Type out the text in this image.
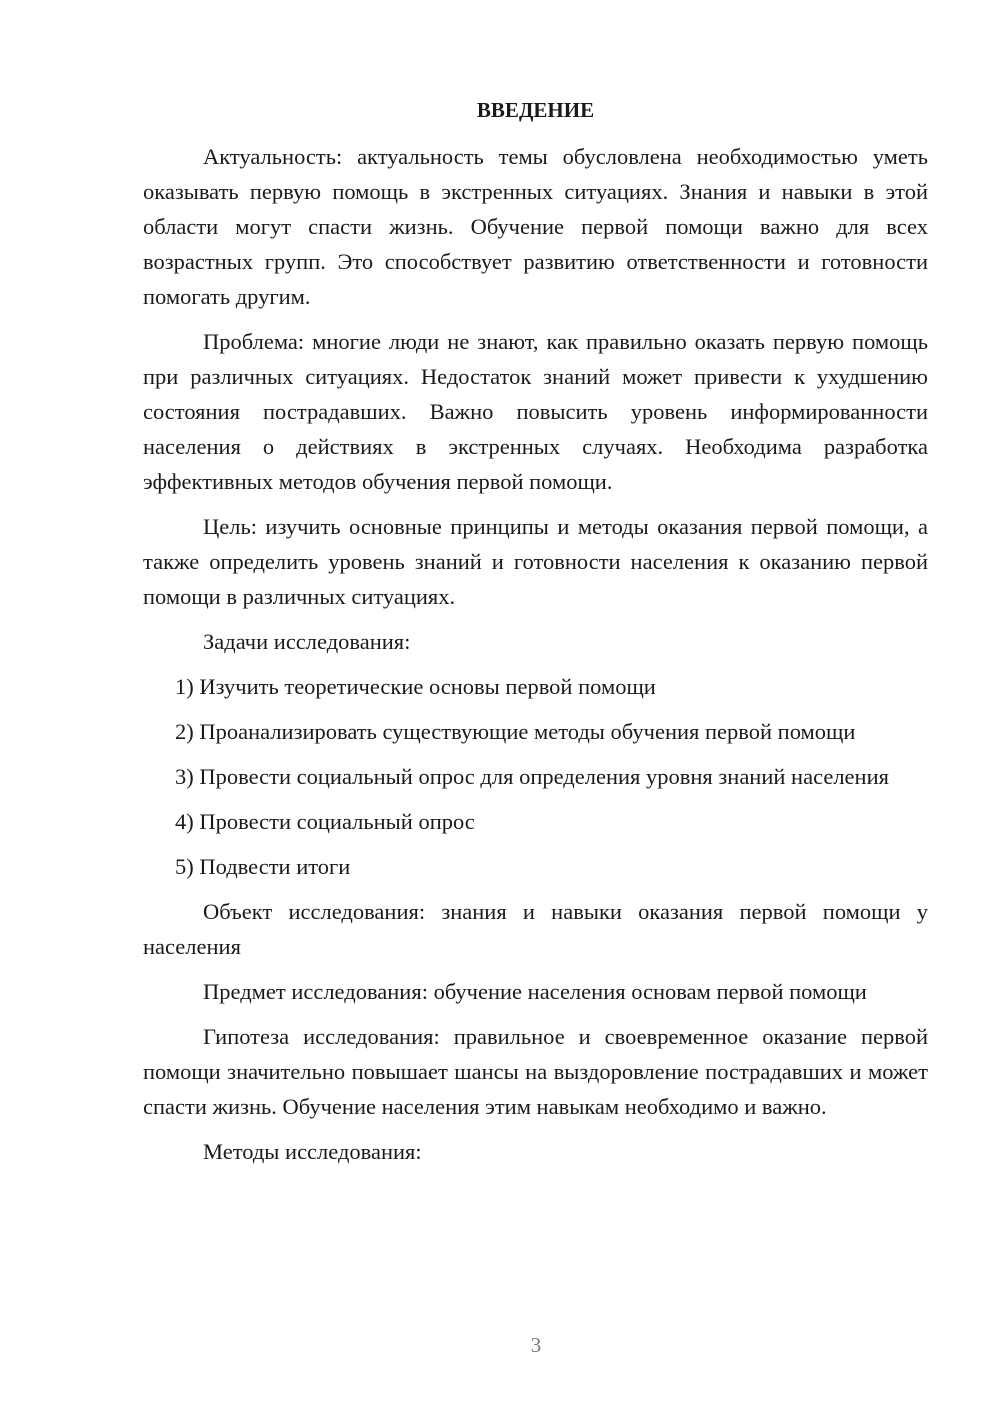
ВВЕДЕНИЕ

Актуальность: актуальность темы обусловлена необходимостью уметь оказывать первую помощь в экстренных ситуациях. Знания и навыки в этой области могут спасти жизнь. Обучение первой помощи важно для всех возрастных групп. Это способствует развитию ответственности и готовности помогать другим.

Проблема: многие люди не знают, как правильно оказать первую помощь при различных ситуациях. Недостаток знаний может привести к ухудшению состояния пострадавших. Важно повысить уровень информированности населения о действиях в экстренных случаях. Необходима разработка эффективных методов обучения первой помощи.

Цель: изучить основные принципы и методы оказания первой помощи, а также определить уровень знаний и готовности населения к оказанию первой помощи в различных ситуациях.

Задачи исследования:

1) Изучить теоретические основы первой помощи

2) Проанализировать существующие методы обучения первой помощи

3) Провести социальный опрос для определения уровня знаний населения

4) Провести социальный опрос

5) Подвести итоги

Объект исследования: знания и навыки оказания первой помощи у населения

Предмет исследования: обучение населения основам первой помощи

Гипотеза исследования: правильное и своевременное оказание первой помощи значительно повышает шансы на выздоровление пострадавших и может спасти жизнь. Обучение населения этим навыкам необходимо и важно.

Методы исследования:

3
